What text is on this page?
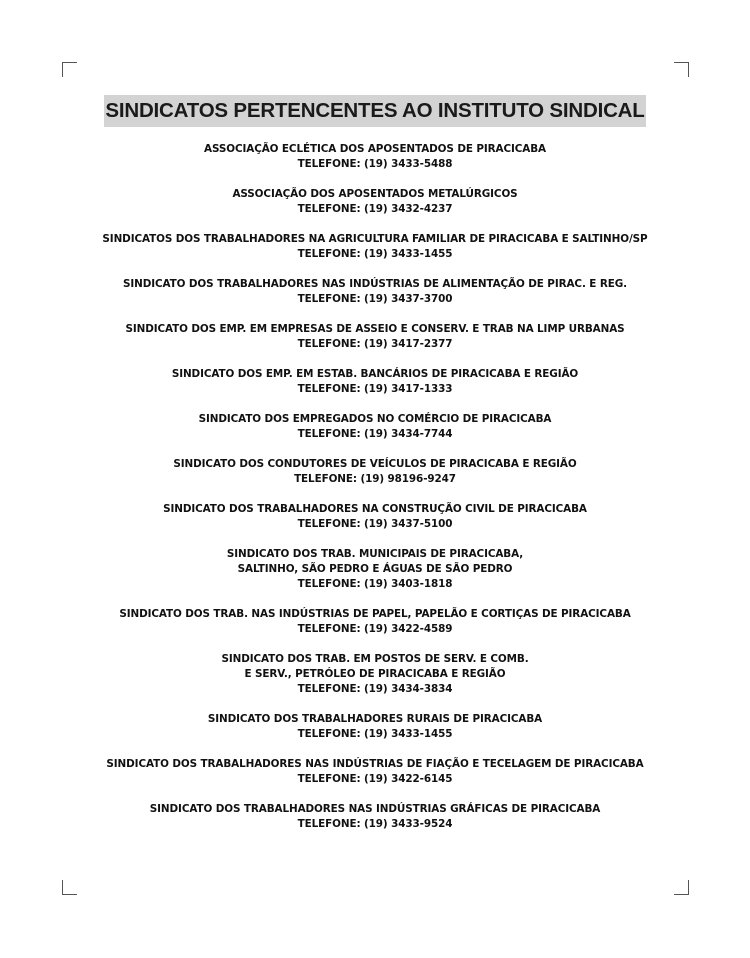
SINDICATOS PERTENCENTES AO INSTITUTO SINDICAL
ASSOCIAÇÃO ECLÉTICA DOS APOSENTADOS DE PIRACICABA
TELEFONE: (19) 3433-5488
ASSOCIAÇÃO DOS APOSENTADOS METALÚRGICOS
TELEFONE: (19) 3432-4237
SINDICATOS DOS TRABALHADORES NA AGRICULTURA FAMILIAR DE PIRACICABA E SALTINHO/SP
TELEFONE: (19) 3433-1455
SINDICATO DOS TRABALHADORES NAS INDÚSTRIAS DE ALIMENTAÇÃO DE PIRAC. E REG.
TELEFONE: (19) 3437-3700
SINDICATO DOS EMP. EM EMPRESAS DE ASSEIO E CONSERV. E TRAB NA LIMP URBANAS
TELEFONE: (19) 3417-2377
SINDICATO DOS EMP. EM ESTAB. BANCÁRIOS DE PIRACICABA E REGIÃO
TELEFONE: (19) 3417-1333
SINDICATO DOS EMPREGADOS NO COMÉRCIO DE PIRACICABA
TELEFONE: (19) 3434-7744
SINDICATO DOS CONDUTORES DE VEÍCULOS DE PIRACICABA E REGIÃO
TELEFONE: (19) 98196-9247
SINDICATO DOS TRABALHADORES NA CONSTRUÇÃO CIVIL DE PIRACICABA
TELEFONE: (19) 3437-5100
SINDICATO DOS TRAB. MUNICIPAIS DE PIRACICABA,
SALTINHO, SÃO PEDRO E ÁGUAS DE SÃO PEDRO
TELEFONE: (19) 3403-1818
SINDICATO DOS TRAB. NAS INDÚSTRIAS DE PAPEL, PAPELÃO E CORTIÇAS DE PIRACICABA
TELEFONE: (19) 3422-4589
SINDICATO DOS TRAB. EM POSTOS DE SERV. E COMB.
E SERV., PETRÓLEO DE PIRACICABA E REGIÃO
TELEFONE: (19) 3434-3834
SINDICATO DOS TRABALHADORES RURAIS DE PIRACICABA
TELEFONE: (19) 3433-1455
SINDICATO DOS TRABALHADORES NAS INDÚSTRIAS DE FIAÇÃO E TECELAGEM DE PIRACICABA
TELEFONE: (19) 3422-6145
SINDICATO DOS TRABALHADORES NAS INDÚSTRIAS GRÁFICAS DE PIRACICABA
TELEFONE: (19) 3433-9524
